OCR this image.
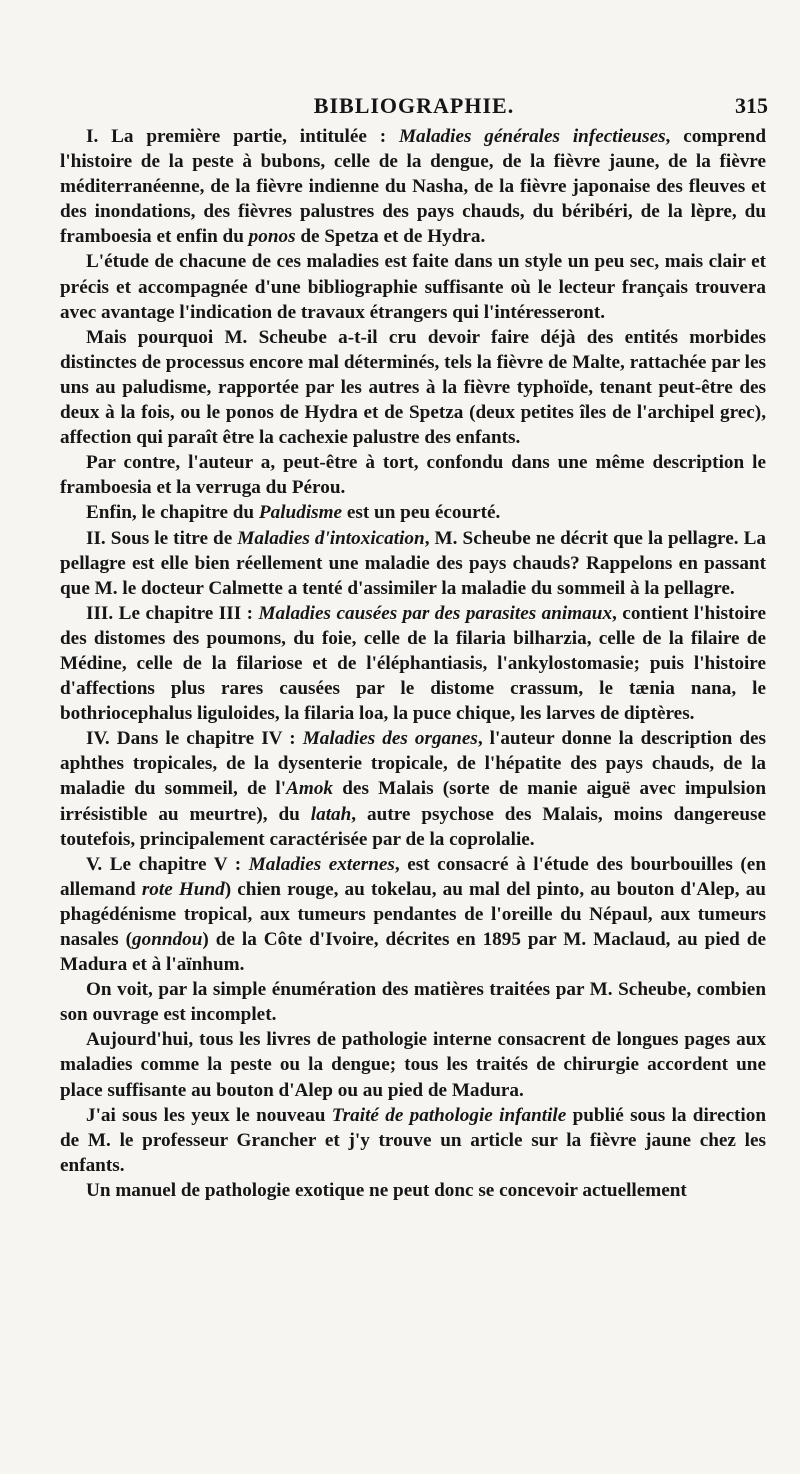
BIBLIOGRAPHIE.	315

I. La première partie, intitulée : Maladies générales infectieuses, comprend l'histoire de la peste à bubons, celle de la dengue, de la fièvre jaune, de la fièvre méditerranéenne, de la fièvre indienne du Nasha, de la fièvre japonaise des fleuves et des inondations, des fièvres palustres des pays chauds, du béribéri, de la lèpre, du framboesia et enfin du ponos de Spetza et de Hydra.

L'étude de chacune de ces maladies est faite dans un style un peu sec, mais clair et précis et accompagnée d'une bibliographie suffisante où le lecteur français trouvera avec avantage l'indication de travaux étrangers qui l'intéresseront.

Mais pourquoi M. Scheube a-t-il cru devoir faire déjà des entités morbides distinctes de processus encore mal déterminés, tels la fièvre de Malte, rattachée par les uns au paludisme, rapportée par les autres à la fièvre typhoïde, tenant peut-être des deux à la fois, ou le ponos de Hydra et de Spetza (deux petites îles de l'archipel grec), affection qui paraît être la cachexie palustre des enfants.

Par contre, l'auteur a, peut-être à tort, confondu dans une même description le framboesia et la verruga du Pérou.

Enfin, le chapitre du Paludisme est un peu écourté.

II. Sous le titre de Maladies d'intoxication, M. Scheube ne décrit que la pellagre. La pellagre est elle bien réellement une maladie des pays chauds? Rappelons en passant que M. le docteur Calmette a tenté d'assimiler la maladie du sommeil à la pellagre.

III. Le chapitre III : Maladies causées par des parasites animaux, contient l'histoire des distomes des poumons, du foie, celle de la filaria bilharzia, celle de la filaire de Médine, celle de la filariose et de l'éléphantiasis, l'ankylostomasie; puis l'histoire d'affections plus rares causées par le distome crassum, le tænia nana, le bothriocephalus liguloides, la filaria loa, la puce chique, les larves de diptères.

IV. Dans le chapitre IV : Maladies des organes, l'auteur donne la description des aphthes tropicales, de la dysenterie tropicale, de l'hépatite des pays chauds, de la maladie du sommeil, de l'Amok des Malais (sorte de manie aiguë avec impulsion irrésistible au meurtre), du latah, autre psychose des Malais, moins dangereuse toutefois, principalement caractérisée par de la coprolalie.

V. Le chapitre V : Maladies externes, est consacré à l'étude des bourbouilles (en allemand rote Hund) chien rouge, au tokelau, au mal del pinto, au bouton d'Alep, au phagédénisme tropical, aux tumeurs pendantes de l'oreille du Népaul, aux tumeurs nasales (gonndou) de la Côte d'Ivoire, décrites en 1895 par M. Maclaud, au pied de Madura et à l'aïnhum.

On voit, par la simple énumération des matières traitées par M. Scheube, combien son ouvrage est incomplet.

Aujourd'hui, tous les livres de pathologie interne consacrent de longues pages aux maladies comme la peste ou la dengue; tous les traités de chirurgie accordent une place suffisante au bouton d'Alep ou au pied de Madura.

J'ai sous les yeux le nouveau Traité de pathologie infantile publié sous la direction de M. le professeur Grancher et j'y trouve un article sur la fièvre jaune chez les enfants.

Un manuel de pathologie exotique ne peut donc se concevoir actuellement
